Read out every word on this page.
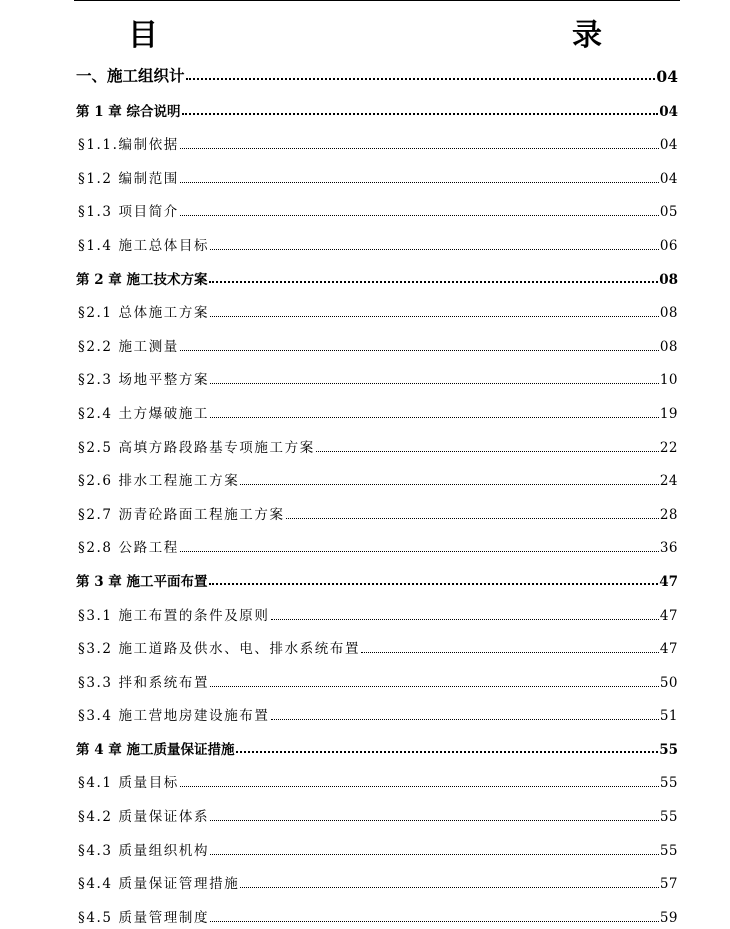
目　　录
一、施工组织计	04
第 1 章 综合说明	04
§1.1.编制依据	04
§1.2 编制范围	04
§1.3 项目简介	05
§1.4 施工总体目标	06
第 2 章 施工技术方案	08
§2.1 总体施工方案	08
§2.2 施工测量	08
§2.3 场地平整方案	10
§2.4 土方爆破施工	19
§2.5 高填方路段路基专项施工方案	22
§2.6 排水工程施工方案	24
§2.7 沥青砼路面工程施工方案	28
§2.8 公路工程	36
第 3 章 施工平面布置	47
§3.1 施工布置的条件及原则	47
§3.2 施工道路及供水、电、排水系统布置	47
§3.3 拌和系统布置	50
§3.4 施工营地房建设施布置	51
第 4 章 施工质量保证措施	55
§4.1 质量目标	55
§4.2 质量保证体系	55
§4.3 质量组织机构	55
§4.4 质量保证管理措施	57
§4.5 质量管理制度	59
